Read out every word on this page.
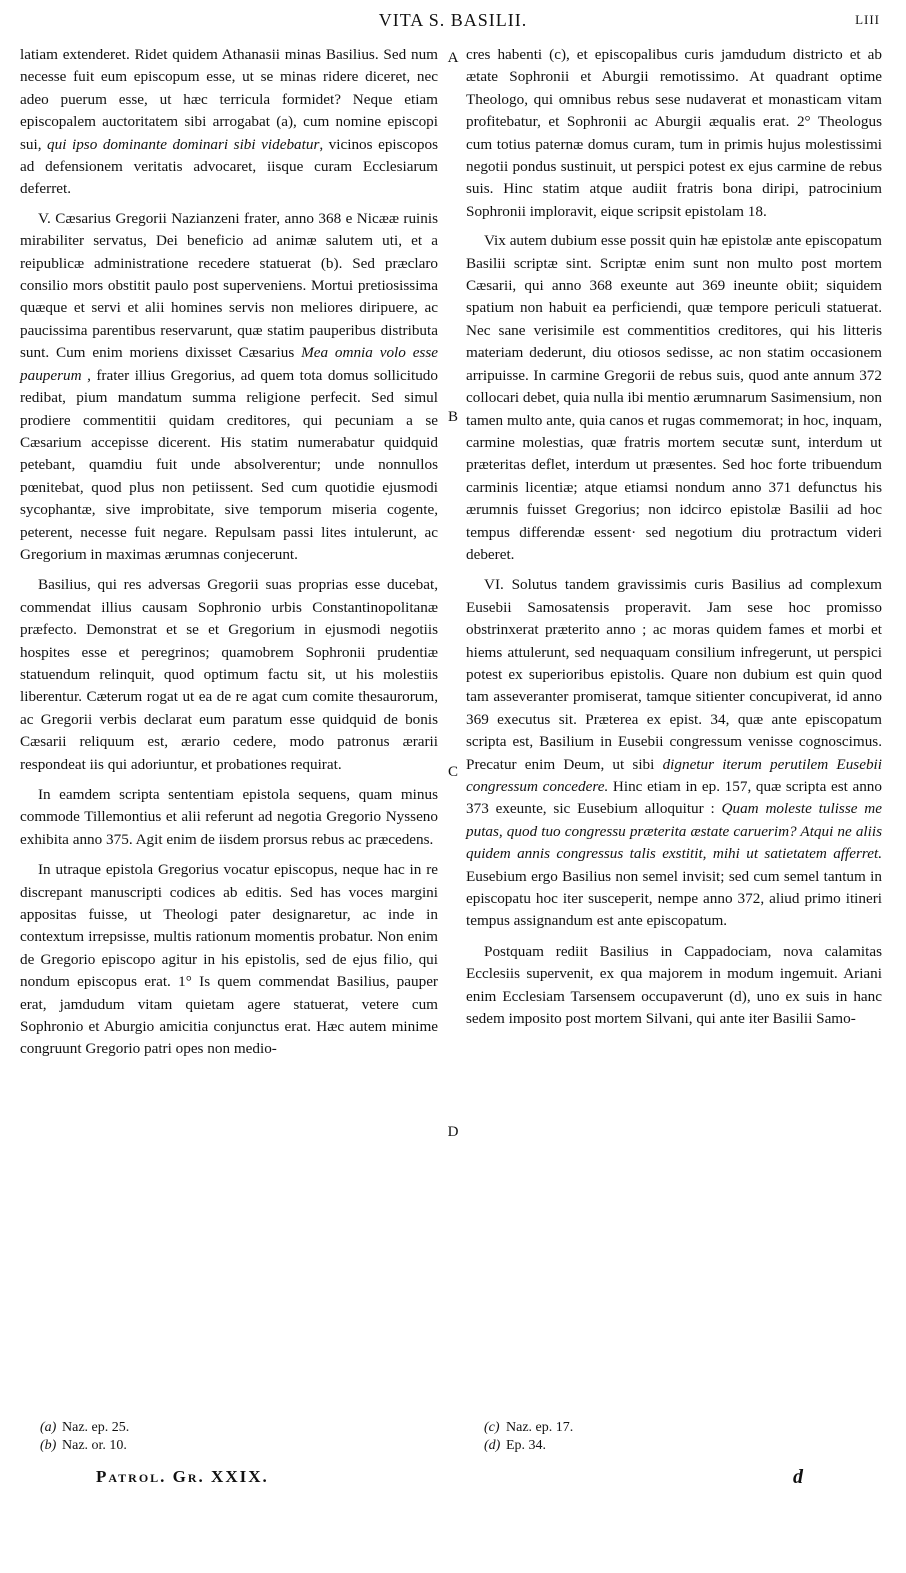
VITA S. BASILII.	LIII

latiam extenderet. Ridet quidem Athanasii minas Basilius. Sed num necesse fuit eum episcopum esse, ut se minas ridere diceret, nec adeo puerum esse, ut hæc terricula formidet? Neque etiam episcopalem auctoritatem sibi arrogabat (a), cum nomine episcopi sui, qui ipso dominante dominari sibi videbatur, vicinos episcopos ad defensionem veritatis advocaret, iisque curam Ecclesiarum deferret.

V. Cæsarius Gregorii Nazianzeni frater, anno 368 e Nicææ ruinis mirabiliter servatus, Dei beneficio ad animæ salutem uti, et a reipublicæ administratione recedere statuerat (b). Sed præclaro consilio mors obstitit paulo post superveniens. Mortui pretiosissima quæque et servi et alii homines servis non meliores diripuere, ac paucissima parentibus reservarunt, quæ statim pauperibus distributa sunt. Cum enim moriens dixisset Cæsarius Mea omnia volo esse pauperum , frater illius Gregorius, ad quem tota domus sollicitudo redibat, pium mandatum summa religione perfecit. Sed simul prodiere commentitii quidam creditores, qui pecuniam a se Cæsarium accepisse dicerent. His statim numerabatur quidquid petebant, quamdiu fuit unde absolverentur; unde nonnullos pœnitebat, quod plus non petiissent. Sed cum quotidie ejusmodi sycophantæ, sive improbitate, sive temporum miseria cogente, peterent, necesse fuit negare. Repulsam passi lites intulerunt, ac Gregorium in maximas ærumnas conjecerunt.

Basilius, qui res adversas Gregorii suas proprias esse ducebat, commendat illius causam Sophronio urbis Constantinopolitanæ præfecto. Demonstrat et se et Gregorium in ejusmodi negotiis hospites esse et peregrinos; quamobrem Sophronii prudentiæ statuendum relinquit, quod optimum factu sit, ut his molestiis liberentur. Cæterum rogat ut ea de re agat cum comite thesaurorum, ac Gregorii verbis declarat eum paratum esse quidquid de bonis Cæsarii reliquum est, ærario cedere, modo patronus ærarii respondeat iis qui adoriuntur, et probationes requirat.

In eamdem scripta sententiam epistola sequens, quam minus commode Tillemontius et alii referunt ad negotia Gregorio Nysseno exhibita anno 375. Agit enim de iisdem prorsus rebus ac præcedens.

In utraque epistola Gregorius vocatur episcopus, neque hac in re discrepant manuscripti codices ab editis. Sed has voces margini appositas fuisse, ut Theologi pater designaretur, ac inde in contextum irrepsisse, multis rationum momentis probatur. Non enim de Gregorio episcopo agitur in his epistolis, sed de ejus filio, qui nondum episcopus erat. 1° Is quem commendat Basilius, pauper erat, jamdudum vitam quietam agere statuerat, vetere cum Sophronio et Aburgio amicitia conjunctus erat. Hæc autem minime congruunt Gregorio patri opes non medio-

cres habenti (c), et episcopalibus curis jamdudum districto et ab ætate Sophronii et Aburgii remotissimo. At quadrant optime Theologo, qui omnibus rebus sese nudaverat et monasticam vitam profitebatur, et Sophronii ac Aburgii æqualis erat. 2° Theologus cum totius paternæ domus curam, tum in primis hujus molestissimi negotii pondus sustinuit, ut perspici potest ex ejus carmine de rebus suis. Hinc statim atque audiit fratris bona diripi, patrocinium Sophronii imploravit, eique scripsit epistolam 18.

Vix autem dubium esse possit quin hæ epistolæ ante episcopatum Basilii scriptæ sint. Scriptæ enim sunt non multo post mortem Cæsarii, qui anno 368 exeunte aut 369 ineunte obiit; siquidem spatium non habuit ea perficiendi, quæ tempore periculi statuerat. Nec sane verisimile est commentitios creditores, qui his litteris materiam dederunt, diu otiosos sedisse, ac non statim occasionem arripuisse. In carmine Gregorii de rebus suis, quod ante annum 372 collocari debet, quia nulla ibi mentio ærumnarum Sasimensium, non tamen multo ante, quia canos et rugas commemorat; in hoc, inquam, carmine molestias, quæ fratris mortem secutæ sunt, interdum ut præteritas deflet, interdum ut præsentes. Sed hoc forte tribuendum carminis licentiæ; atque etiamsi nondum anno 371 defunctus his ærumnis fuisset Gregorius; non idcirco epistolæ Basilii ad hoc tempus differendæ essent· sed negotium diu protractum videri deberet.

VI. Solutus tandem gravissimis curis Basilius ad complexum Eusebii Samosatensis properavit. Jam sese hoc promisso obstrinxerat præterito anno ; ac moras quidem fames et morbi et hiems attulerunt, sed nequaquam consilium infregerunt, ut perspici potest ex superioribus epistolis. Quare non dubium est quin quod tam asseveranter promiserat, tamque sitienter concupiverat, id anno 369 executus sit. Præterea ex epist. 34, quæ ante episcopatum scripta est, Basilium in Eusebii congressum venisse cognoscimus. Precatur enim Deum, ut sibi dignetur iterum perutilem Eusebii congressum concedere. Hinc etiam in ep. 157, quæ scripta est anno 373 exeunte, sic Eusebium alloquitur : Quam moleste tulisse me putas, quod tuo congressu præterita æstate caruerim? Atqui ne aliis quidem annis congressus talis exstitit, mihi ut satietatem afferret. Eusebium ergo Basilius non semel invisit; sed cum semel tantum in episcopatu hoc iter susceperit, nempe anno 372, aliud primo itineri tempus assignandum est ante episcopatum.

Postquam rediit Basilius in Cappadociam, nova calamitas Ecclesiis supervenit, ex qua majorem in modum ingemuit. Ariani enim Ecclesiam Tarsensem occupaverunt (d), uno ex suis in hanc sedem imposito post mortem Silvani, qui ante iter Basilii Samo-

A
B
C
D

(a) Naz. ep. 25.

(b) Naz. or. 10.

(c) Naz. ep. 17.

(d) Ep. 34.

Patrol. Gr. XXIX.	d
